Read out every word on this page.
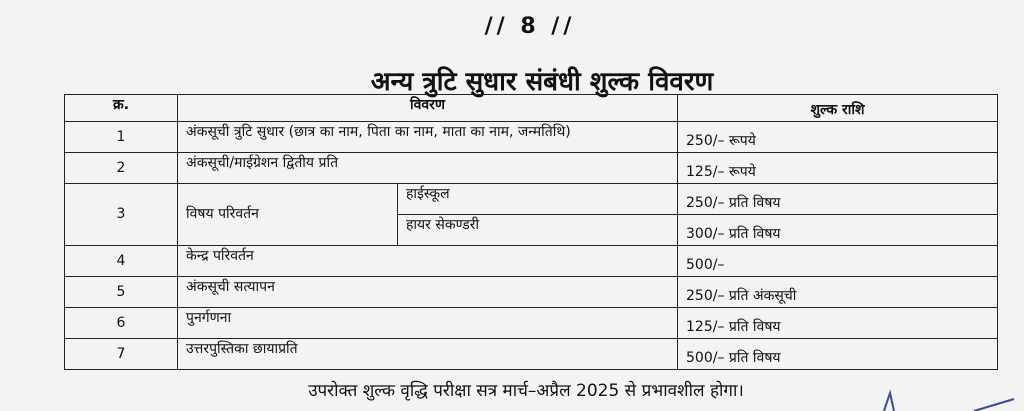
// 8 //
अन्य त्रुटि सुधार संबंधी शुल्क विवरण
क्र.	विवरण		शुल्क राशि
1	अंकसूची त्रुटि सुधार (छात्र का नाम, पिता का नाम, माता का नाम, जन्मतिथि)		250/– रूपये
2	अंकसूची/माईग्रेशन द्वितीय प्रति		125/– रूपये
3	विषय परिवर्तन	हाईस्कूल	250/– प्रति विषय
		हायर सेकण्डरी	300/– प्रति विषय
4	केन्द्र परिवर्तन		500/–
5	अंकसूची सत्यापन		250/– प्रति अंकसूची
6	पुनर्गणना		125/– प्रति विषय
7	उत्तरपुस्तिका छायाप्रति		500/– प्रति विषय
उपरोक्त शुल्क वृद्धि परीक्षा सत्र मार्च–अप्रैल 2025 से प्रभावशील होगा।
